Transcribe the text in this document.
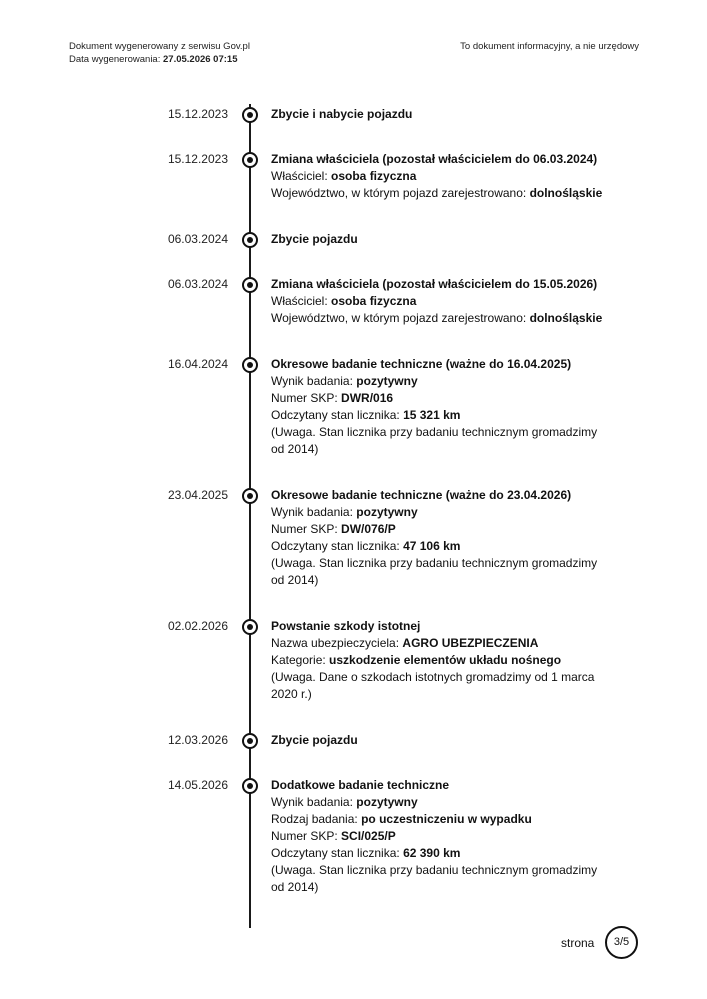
Dokument wygenerowany z serwisu Gov.pl
Data wygenerowania: 27.05.2026 07:15
To dokument informacyjny, a nie urzędowy
15.12.2023	Zbycie i nabycie pojazdu
15.12.2023	Zmiana właściciela (pozostał właścicielem do 06.03.2024)
Właściciel: osoba fizyczna
Województwo, w którym pojazd zarejestrowano: dolnośląskie
06.03.2024	Zbycie pojazdu
06.03.2024	Zmiana właściciela (pozostał właścicielem do 15.05.2026)
Właściciel: osoba fizyczna
Województwo, w którym pojazd zarejestrowano: dolnośląskie
16.04.2024	Okresowe badanie techniczne (ważne do 16.04.2025)
Wynik badania: pozytywny
Numer SKP: DWR/016
Odczytany stan licznika: 15 321 km
(Uwaga. Stan licznika przy badaniu technicznym gromadzimy od 2014)
23.04.2025	Okresowe badanie techniczne (ważne do 23.04.2026)
Wynik badania: pozytywny
Numer SKP: DW/076/P
Odczytany stan licznika: 47 106 km
(Uwaga. Stan licznika przy badaniu technicznym gromadzimy od 2014)
02.02.2026	Powstanie szkody istotnej
Nazwa ubezpieczyciela: AGRO UBEZPIECZENIA
Kategorie: uszkodzenie elementów układu nośnego
(Uwaga. Dane o szkodach istotnych gromadzimy od 1 marca 2020 r.)
12.03.2026	Zbycie pojazdu
14.05.2026	Dodatkowe badanie techniczne
Wynik badania: pozytywny
Rodzaj badania: po uczestniczeniu w wypadku
Numer SKP: SCI/025/P
Odczytany stan licznika: 62 390 km
(Uwaga. Stan licznika przy badaniu technicznym gromadzimy od 2014)
strona	3/5
